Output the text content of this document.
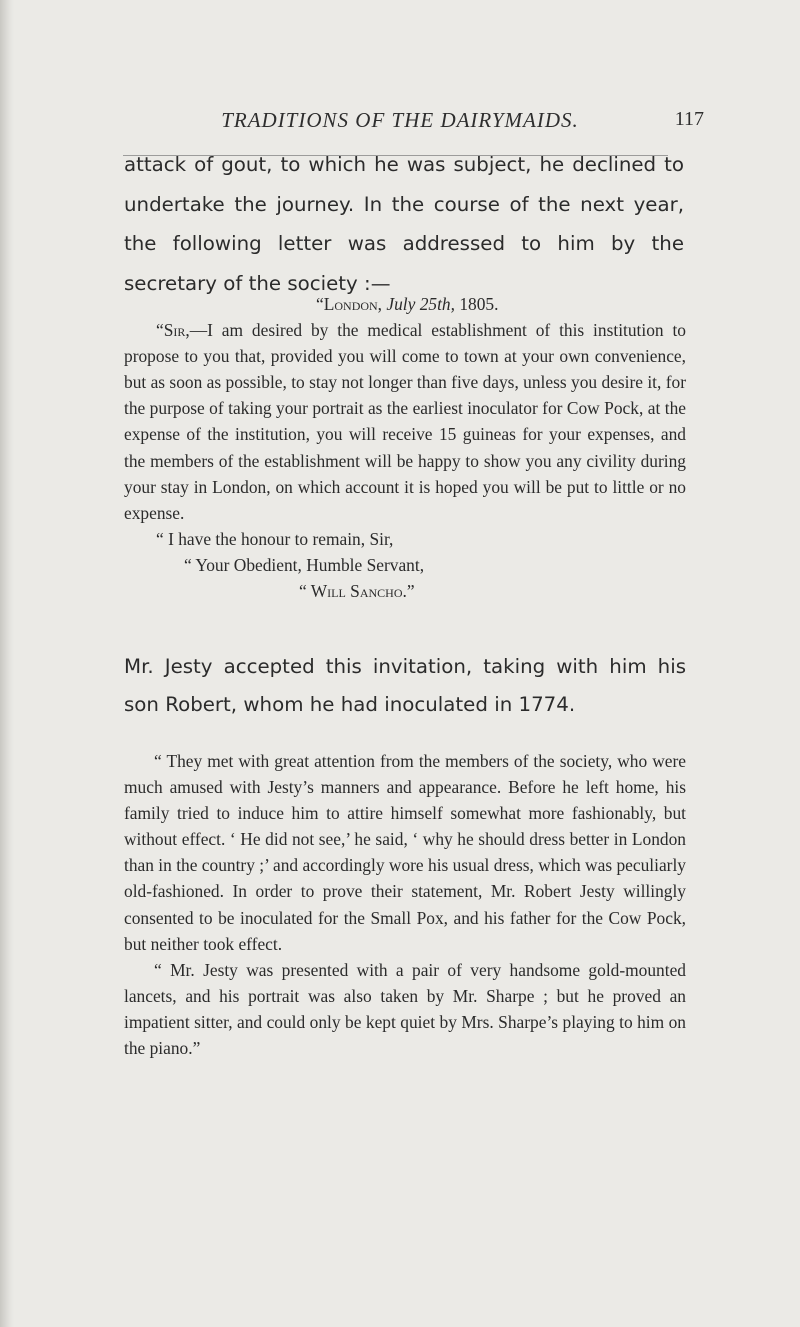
TRADITIONS OF THE DAIRYMAIDS.	117
attack of gout, to which he was subject, he declined to undertake the journey. In the course of the next year, the following letter was addressed to him by the secretary of the society :—

“London, July 25th, 1805.

“Sir,—I am desired by the medical establishment of this institution to propose to you that, provided you will come to town at your own convenience, but as soon as possible, to stay not longer than five days, unless you desire it, for the purpose of taking your portrait as the earliest inoculator for Cow Pock, at the expense of the institution, you will receive 15 guineas for your expenses, and the members of the establishment will be happy to show you any civility during your stay in London, on which account it is hoped you will be put to little or no expense.

“ I have the honour to remain, Sir,

“ Your Obedient, Humble Servant,

“ Will Sancho.”

Mr. Jesty accepted this invitation, taking with him his son Robert, whom he had inoculated in 1774.

“ They met with great attention from the members of the society, who were much amused with Jesty’s manners and appearance. Before he left home, his family tried to induce him to attire himself somewhat more fashionably, but without effect. ‘ He did not see,’ he said, ‘ why he should dress better in London than in the country ;’ and accordingly wore his usual dress, which was peculiarly old-fashioned. In order to prove their statement, Mr. Robert Jesty willingly consented to be inoculated for the Small Pox, and his father for the Cow Pock, but neither took effect.

“ Mr. Jesty was presented with a pair of very handsome gold-mounted lancets, and his portrait was also taken by Mr. Sharpe ; but he proved an impatient sitter, and could only be kept quiet by Mrs. Sharpe’s playing to him on the piano.”
